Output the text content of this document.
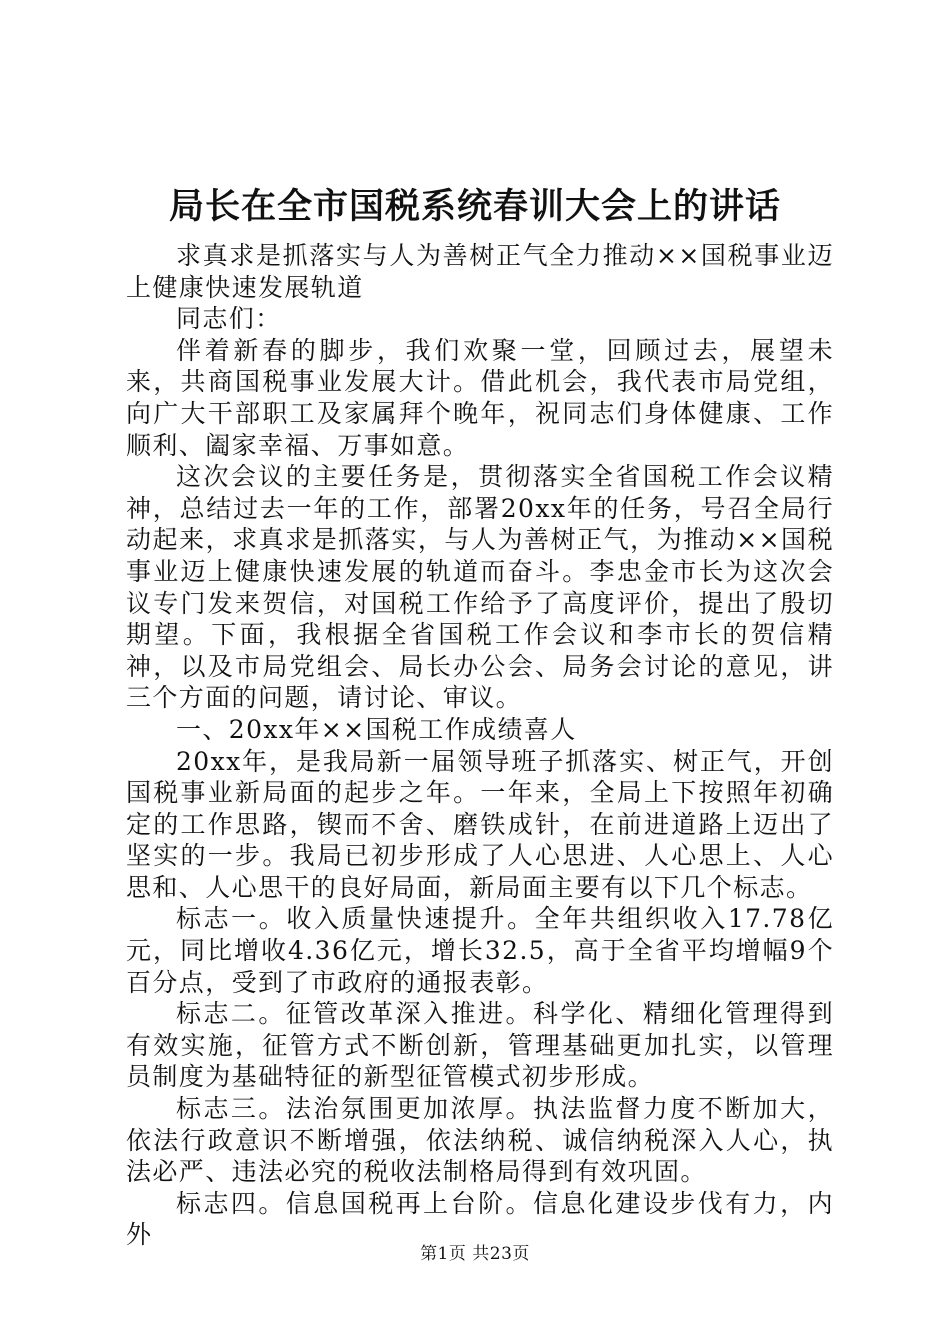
局长在全市国税系统春训大会上的讲话

求真求是抓落实与人为善树正气全力推动××国税事业迈上健康快速发展轨道

同志们：

伴着新春的脚步，我们欢聚一堂，回顾过去，展望未来，共商国税事业发展大计。借此机会，我代表市局党组，向广大干部职工及家属拜个晚年，祝同志们身体健康、工作顺利、阖家幸福、万事如意。

这次会议的主要任务是，贯彻落实全省国税工作会议精神，总结过去一年的工作，部署20xx年的任务，号召全局行动起来，求真求是抓落实，与人为善树正气，为推动××国税事业迈上健康快速发展的轨道而奋斗。李忠金市长为这次会议专门发来贺信，对国税工作给予了高度评价，提出了殷切期望。下面，我根据全省国税工作会议和李市长的贺信精神，以及市局党组会、局长办公会、局务会讨论的意见，讲三个方面的问题，请讨论、审议。

一、20xx年××国税工作成绩喜人

20xx年，是我局新一届领导班子抓落实、树正气，开创国税事业新局面的起步之年。一年来，全局上下按照年初确定的工作思路，锲而不舍、磨铁成针，在前进道路上迈出了坚实的一步。我局已初步形成了人心思进、人心思上、人心思和、人心思干的良好局面，新局面主要有以下几个标志。

标志一。收入质量快速提升。全年共组织收入17.78亿元，同比增收4.36亿元，增长32.5，高于全省平均增幅9个百分点，受到了市政府的通报表彰。

标志二。征管改革深入推进。科学化、精细化管理得到有效实施，征管方式不断创新，管理基础更加扎实，以管理员制度为基础特征的新型征管模式初步形成。

标志三。法治氛围更加浓厚。执法监督力度不断加大，依法行政意识不断增强，依法纳税、诚信纳税深入人心，执法必严、违法必究的税收法制格局得到有效巩固。

标志四。信息国税再上台阶。信息化建设步伐有力，内外

第1页 共23页
